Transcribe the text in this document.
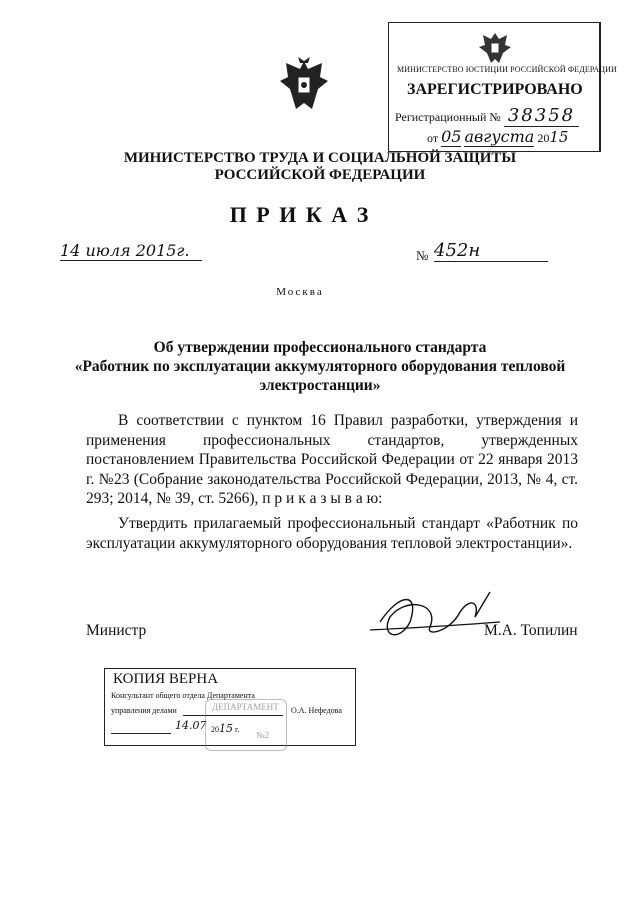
МИНИСТЕРСТВО ЮСТИЦИИ РОССИЙСКОЙ ФЕДЕРАЦИИ
ЗАРЕГИСТРИРОВАНО
Регистрационный № 38358
от 05 августа 2015
МИНИСТЕРСТВО ТРУДА И СОЦИАЛЬНОЙ ЗАЩИТЫ
РОССИЙСКОЙ ФЕДЕРАЦИИ
П Р И К А З
14 июля 2015г.	№ 452н
Москва
Об утверждении профессионального стандарта
«Работник по эксплуатации аккумуляторного оборудования тепловой
электростанции»
В соответствии с пунктом 16 Правил разработки, утверждения и применения профессиональных стандартов, утвержденных постановлением Правительства Российской Федерации от 22 января 2013 г. №23 (Собрание законодательства Российской Федерации, 2013, № 4, ст. 293; 2014, № 39, ст. 5266), п р и к а з ы в а ю:
Утвердить прилагаемый профессиональный стандарт «Работник по эксплуатации аккумуляторного оборудования тепловой электростанции».
Министр	М.А. Топилин
КОПИЯ ВЕРНА
Консультант общего отдела Департамента
управления делами	О.А. Нефедова
14.07 2015 г.
ДЕПАРТАМЕНТ
№2
